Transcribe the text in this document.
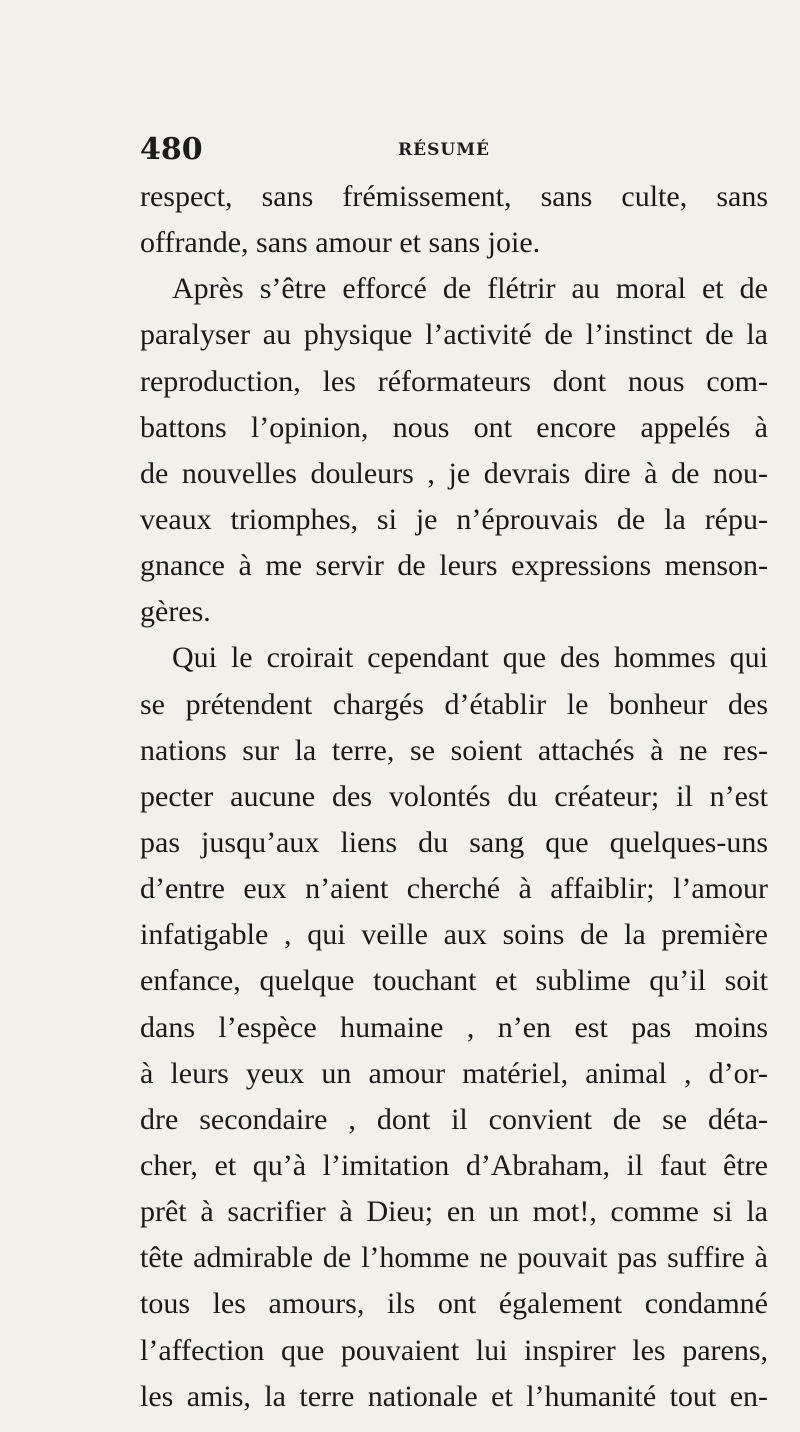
480	RÉSUMÉ
respect, sans frémissement, sans culte, sans
offrande, sans amour et sans joie.
Après s’être efforcé de flétrir au moral et de
paralyser au physique l’activité de l’instinct de la
reproduction, les réformateurs dont nous com-
battons l’opinion, nous ont encore appelés à
de nouvelles douleurs , je devrais dire à de nou-
veaux triomphes, si je n’éprouvais de la répu-
gnance à me servir de leurs expressions menson-
gères.
Qui le croirait cependant que des hommes qui
se prétendent chargés d’établir le bonheur des
nations sur la terre, se soient attachés à ne res-
pecter aucune des volontés du créateur; il n’est
pas jusqu’aux liens du sang que quelques-uns
d’entre eux n’aient cherché à affaiblir; l’amour
infatigable , qui veille aux soins de la première
enfance, quelque touchant et sublime qu’il soit
dans l’espèce humaine , n’en est pas moins
à leurs yeux un amour matériel, animal , d’or-
dre secondaire , dont il convient de se déta-
cher, et qu’à l’imitation d’Abraham, il faut être
prêt à sacrifier à Dieu; en un mot!, comme si la
tête admirable de l’homme ne pouvait pas suffire à
tous les amours, ils ont également condamné
l’affection que pouvaient lui inspirer les parens,
les amis, la terre nationale et l’humanité tout en-
